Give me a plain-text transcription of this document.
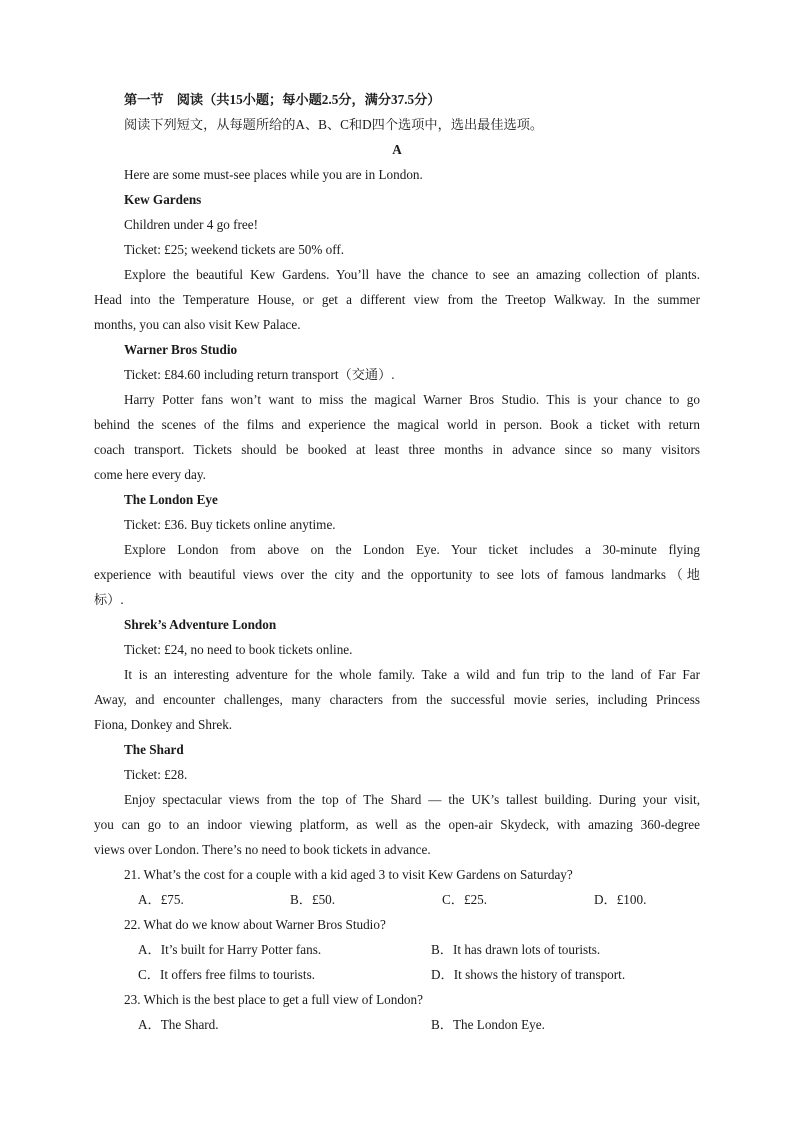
第一节　阅读（共15小题；每小题2.5分，满分37.5分）
阅读下列短文，从每题所给的A、B、C和D四个选项中，选出最佳选项。
A
Here are some must-see places while you are in London.
Kew Gardens
Children under 4 go free!
Ticket: £25; weekend tickets are 50% off.
Explore the beautiful Kew Gardens. You’ll have the chance to see an amazing collection of plants.
Head into the Temperature House, or get a different view from the Treetop Walkway. In the summer
months, you can also visit Kew Palace.
Warner Bros Studio
Ticket: £84.60 including return transport（交通）.
Harry Potter fans won’t want to miss the magical Warner Bros Studio. This is your chance to go
behind the scenes of the films and experience the magical world in person. Book a ticket with return
coach transport. Tickets should be booked at least three months in advance since so many visitors
come here every day.
The London Eye
Ticket: £36. Buy tickets online anytime.
Explore London from above on the London Eye. Your ticket includes a 30-minute flying
experience with beautiful views over the city and the opportunity to see lots of famous landmarks（地
标）.
Shrek’s Adventure London
Ticket: £24, no need to book tickets online.
It is an interesting adventure for the whole family. Take a wild and fun trip to the land of Far Far
Away, and encounter challenges, many characters from the successful movie series, including Princess
Fiona, Donkey and Shrek.
The Shard
Ticket: £28.
Enjoy spectacular views from the top of The Shard — the UK’s tallest building. During your visit,
you can go to an indoor viewing platform, as well as the open-air Skydeck, with amazing 360-degree
views over London. There’s no need to book tickets in advance.
21. What’s the cost for a couple with a kid aged 3 to visit Kew Gardens on Saturday?
A．£75.	B．£50.	C．£25.	D．£100.
22. What do we know about Warner Bros Studio?
A．It’s built for Harry Potter fans.	B．It has drawn lots of tourists.
C．It offers free films to tourists.	D．It shows the history of transport.
23. Which is the best place to get a full view of London?
A．The Shard.	B．The London Eye.
